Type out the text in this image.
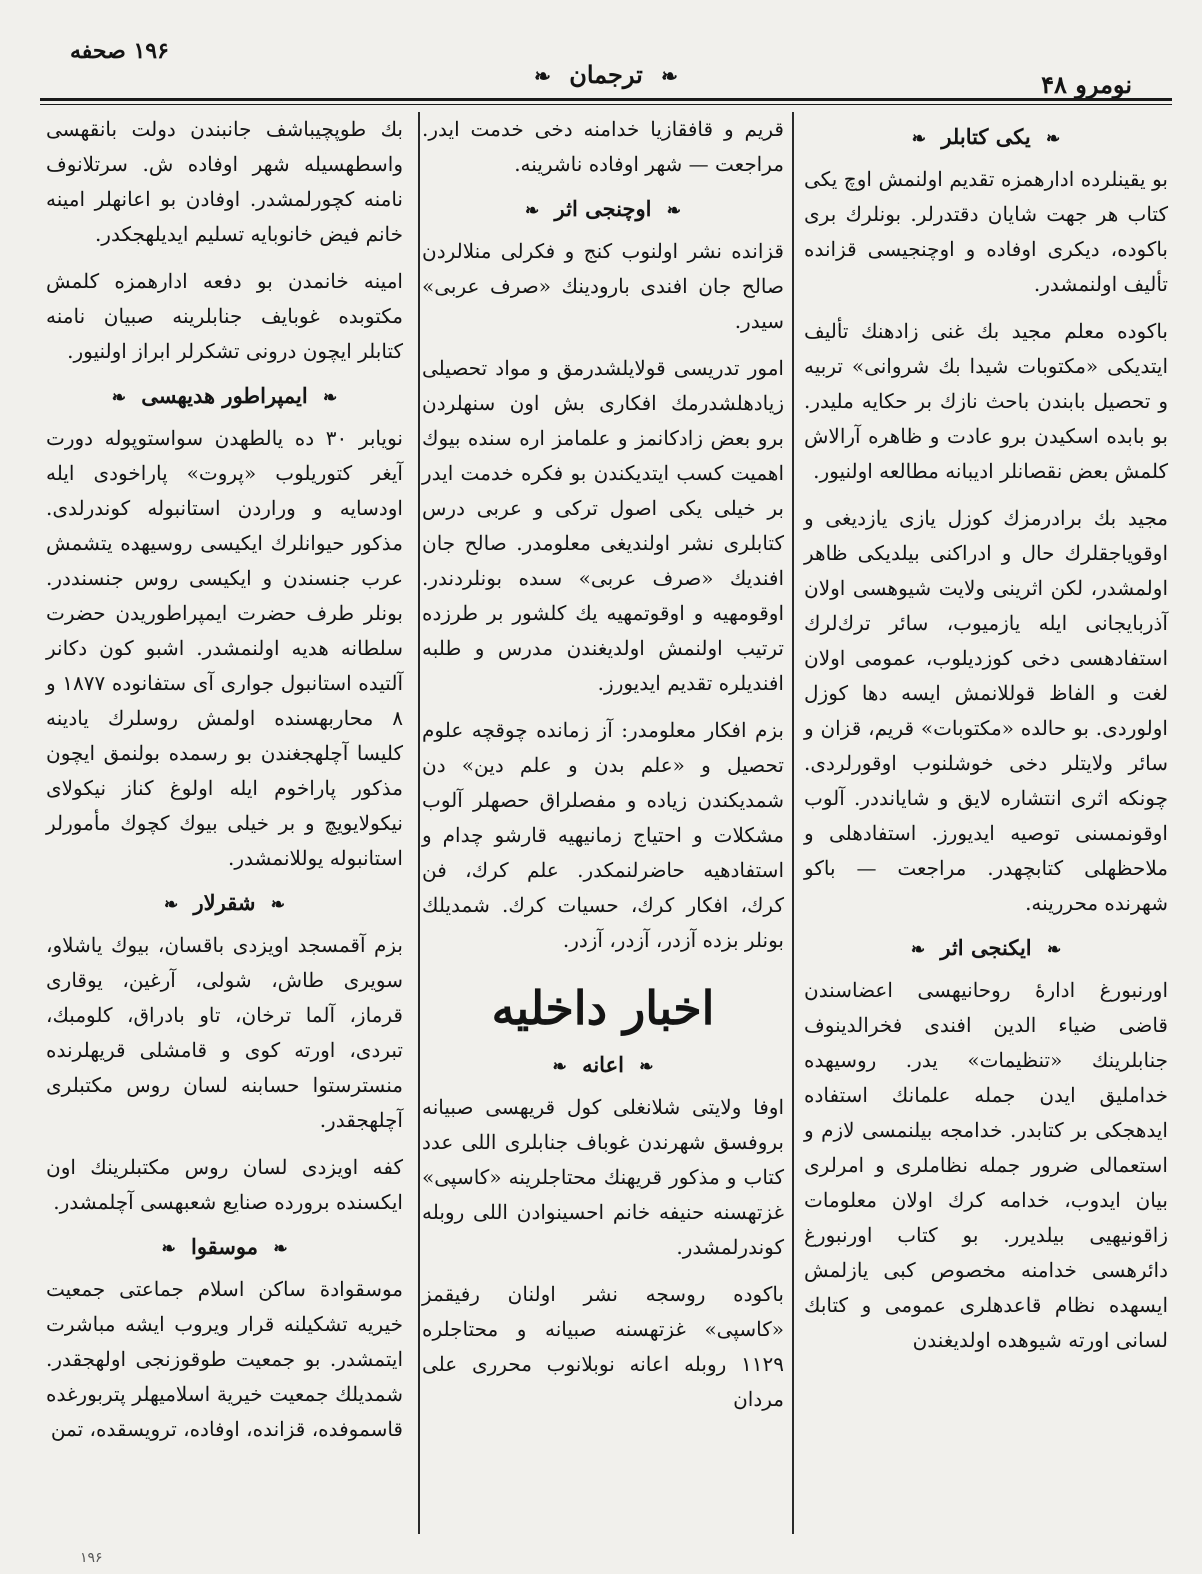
۱۹۶ صحفه
❧ ترجمان ❧	نومرو ۴۸
❧ يكى كتابلر ❧

بو يقينلرده ادارهمزه تقديم اولنمش اوچ يكى كتاب هر جهت شايان دقتدرلر. بونلرك برى باكوده، ديكرى اوفاده و اوچنجيسى قزانده تأليف اولنمشدر.

باكوده معلم مجيد بك غنى زادهنك تأليف ايتديكى «مكتوبات شيدا بك شروانى» تربيه و تحصيل بابندن باحث نازك بر حكايه مليدر. بو بابده اسكيدن برو عادت و ظاهره آرالاش كلمش بعض نقصانلر اديبانه مطالعه اولنيور.

مجيد بك برادرمزك كوزل يازى يازديغى و اوقوياجقلرك حال و ادراكنى بيلديكى ظاهر اولمشدر، لكن اثرينى ولايت شيوهسى اولان آذربايجانى ايله يازميوب، سائر ترك‌لرك استفادهسى دخى كوزديلوب، عمومى اولان لغت و الفاظ قوللانمش ايسه دها كوزل اولوردى. بو حالده «مكتوبات» قريم، قزان و سائر ولايتلر دخى خوشلنوب اوقورلردى. چونكه اثرى انتشاره لايق و شايانددر. آلوب اوقونمسنى توصيه ايديورز. استفادهلى و ملاحظهلى كتابچهدر. مراجعت — باكو شهرنده محررينه.

❧ ايكنجى اثر ❧

اورنبورغ ادارهٔ روحانيهسى اعضاسندن قاضى ضياء الدين افندى فخرالدينوف جنابلرينك «تنظيمات» يدر. روسيهده خدامليق ايدن جمله علمانك استفاده ايدهجكى بر كتابدر. خدامجه بيلنمسى لازم و استعمالى ضرور جمله نظاملرى و امرلرى بيان ايدوب، خدامه كرك اولان معلومات زاقونيهيى بيلديرر. بو كتاب اورنبورغ دائرهسى خدامنه مخصوص كبى يازلمش ايسهده نظام قاعدهلرى عمومى و كتابك لسانى اورته شيوهده اولديغندن

قريم و قافقازيا خدامنه دخى خدمت ايدر. مراجعت — شهر اوفاده ناشرينه.

❧ اوچنجى اثر ❧

قزانده نشر اولنوب كنج و فكرلى منلالردن صالح جان افندى بارودينك «صرف عربى» سيدر.

امور تدريسى قولايلشدرمق و مواد تحصيلى زيادهلشدرمك افكارى بش اون سنهلردن برو بعض زادكانمز و علمامز اره سنده بيوك اهميت كسب ايتديكندن بو فكره خدمت ايدر بر خيلى يكى اصول تركى و عربى درس كتابلرى نشر اولنديغى معلومدر. صالح جان افنديك «صرف عربى» سىده بونلردندر. اوقومهيه و اوقوتمهيه يك كلشور بر طرزده ترتيب اولنمش اولديغندن مدرس و طلبه افنديلره تقديم ايديورز.

بزم افكار معلومدر: آز زمانده چوقچه علوم تحصيل و «علم بدن و علم دين» دن شمديكندن زياده و مفصلراق حصهلر آلوب مشكلات و احتياج زمانيهيه قارشو چدام و استفادهيه حاضرلنمكدر. علم كرك، فن كرك، افكار كرك، حسيات كرك. شمديلك بونلر بزده آزدر، آزدر، آزدر.

اخبار داخليه
❧ اعانه ❧

اوفا ولايتى شلانغلى كول قريهسى صبيانه بروفسق شهرندن غوباف جنابلرى اللى عدد كتاب و مذكور قريهنك محتاجلرينه «كاسپى» غزتهسنه حنيفه خانم احسينوادن اللى روبله كوندرلمشدر.

باكوده روسجه نشر اولنان رفيقمز «كاسپى» غزتهسنه صبيانه و محتاجلره ۱۱۲۹ روبله اعانه نوبلانوب محررى على مردان

بك طوپچيباشف جانبندن دولت بانقهسى واسطهسيله شهر اوفاده ش. سرتلانوف نامنه كچورلمشدر. اوفادن بو اعانهلر امينه خانم فيض خانوبايه تسليم ايديلهجكدر.

امينه خانمدن بو دفعه ادارهمزه كلمش مكتوبده غوبايف جنابلرينه صبيان نامنه كتابلر ايچون درونى تشكرلر ابراز اولنيور.

❧ ايمپراطور هديهسى ❧

نويابر ۳۰ ده يالطهدن سواستوپوله دورت آيغر كتوريلوب «پروت» پاراخودى ايله اودسايه و وراردن استانبوله كوندرلدى. مذكور حيوانلرك ايكيسى روسيهده يتشمش عرب جنسندن و ايكيسى روس جنسنددر. بونلر طرف حضرت ايمپراطوريدن حضرت سلطانه هديه اولنمشدر. اشبو كون دكانر آلتيده استانبول جوارى آى ستفانوده ۱۸۷۷ و ۸ محاربهسنده اولمش روسلرك يادينه كليسا آچلهجغندن بو رسمده بولنمق ايچون مذكور پاراخوم ايله اولوغ كناز نيكولاى نيكولايويچ و بر خيلى بيوك كچوك مأمورلر استانبوله يوللانمشدر.

❧ شقرلار ❧

بزم آقمسجد اويزدى باقسان، بيوك ياشلاو، سويرى طاش، شولى، آرغين، يوقارى قرماز، آلما ترخان، تاو بادراق، كلومبك، تبردى، اورته كوى و قامشلى قريهلرنده منسترستوا حسابنه لسان روس مكتبلرى آچلهجقدر.

كفه اويزدى لسان روس مكتبلرينك اون ايكسنده برورده صنايع شعبهسى آچلمشدر.

❧ موسقوا ❧

موسقوادة ساكن اسلام جماعتى جمعيت خيريه تشكيلنه قرار ويروب ايشه مباشرت ايتمشدر. بو جمعيت طوقوزنجى اولهجقدر. شمديلك جمعيت خيرية اسلاميهلر پتربورغده قاسموفده، قزانده، اوفاده، ترويسقده، تمن

۱۹۶
